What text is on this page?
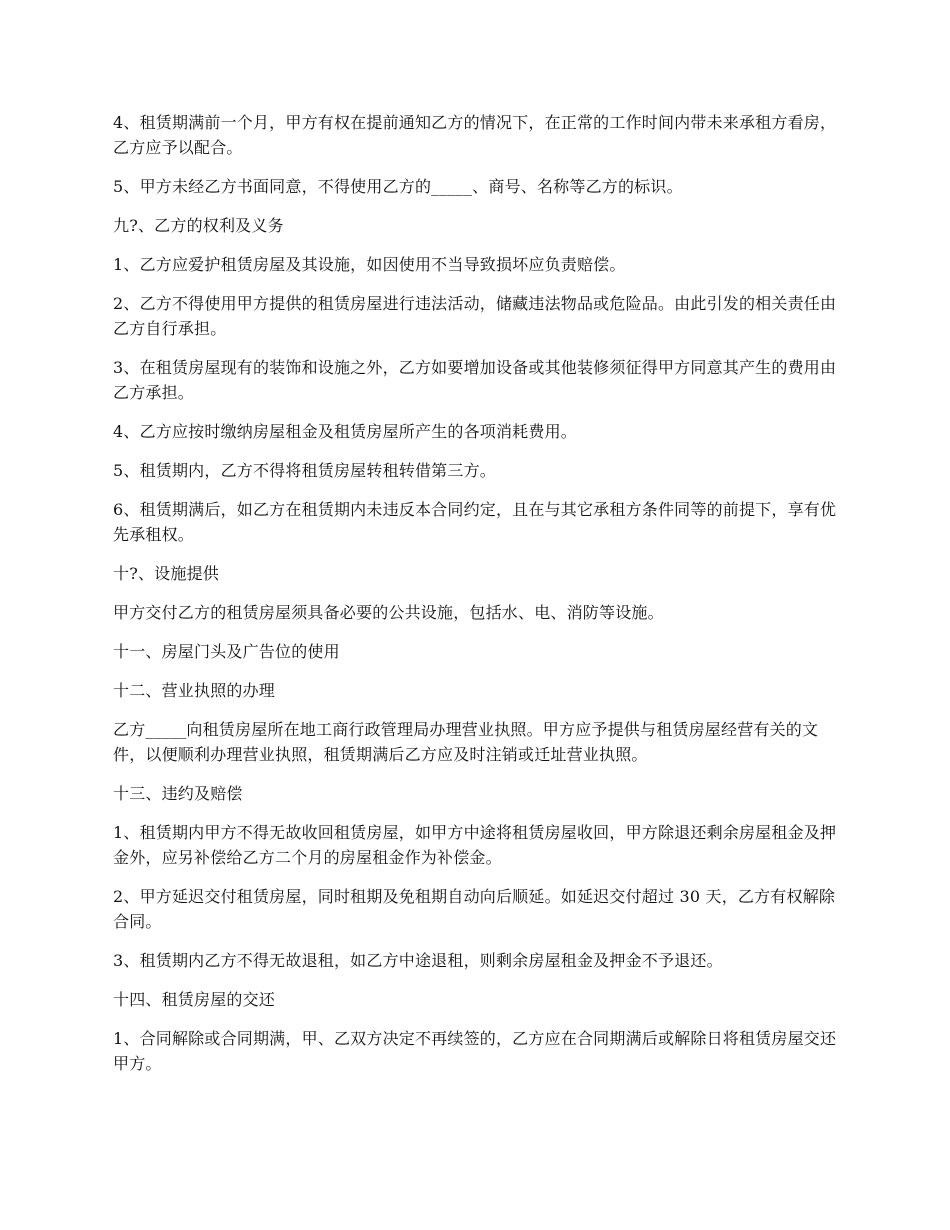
4、租赁期满前一个月，甲方有权在提前通知乙方的情况下，在正常的工作时间内带未来承租方看房，乙方应予以配合。

5、甲方未经乙方书面同意，不得使用乙方的_____、商号、名称等乙方的标识。

九?、乙方的权利及义务

1、乙方应爱护租赁房屋及其设施，如因使用不当导致损坏应负责赔偿。

2、乙方不得使用甲方提供的租赁房屋进行违法活动，储藏违法物品或危险品。由此引发的相关责任由乙方自行承担。

3、在租赁房屋现有的装饰和设施之外，乙方如要增加设备或其他装修须征得甲方同意其产生的费用由乙方承担。

4、乙方应按时缴纳房屋租金及租赁房屋所产生的各项消耗费用。

5、租赁期内，乙方不得将租赁房屋转租转借第三方。

6、租赁期满后，如乙方在租赁期内未违反本合同约定，且在与其它承租方条件同等的前提下，享有优先承租权。

十?、设施提供

甲方交付乙方的租赁房屋须具备必要的公共设施，包括水、电、消防等设施。

十一、房屋门头及广告位的使用

十二、营业执照的办理

乙方_____向租赁房屋所在地工商行政管理局办理营业执照。甲方应予提供与租赁房屋经营有关的文件，以便顺利办理营业执照，租赁期满后乙方应及时注销或迁址营业执照。

十三、违约及赔偿

1、租赁期内甲方不得无故收回租赁房屋，如甲方中途将租赁房屋收回，甲方除退还剩余房屋租金及押金外，应另补偿给乙方二个月的房屋租金作为补偿金。

2、甲方延迟交付租赁房屋，同时租期及免租期自动向后顺延。如延迟交付超过 30 天，乙方有权解除合同。

3、租赁期内乙方不得无故退租，如乙方中途退租，则剩余房屋租金及押金不予退还。

十四、租赁房屋的交还

1、合同解除或合同期满，甲、乙双方决定不再续签的，乙方应在合同期满后或解除日将租赁房屋交还甲方。
